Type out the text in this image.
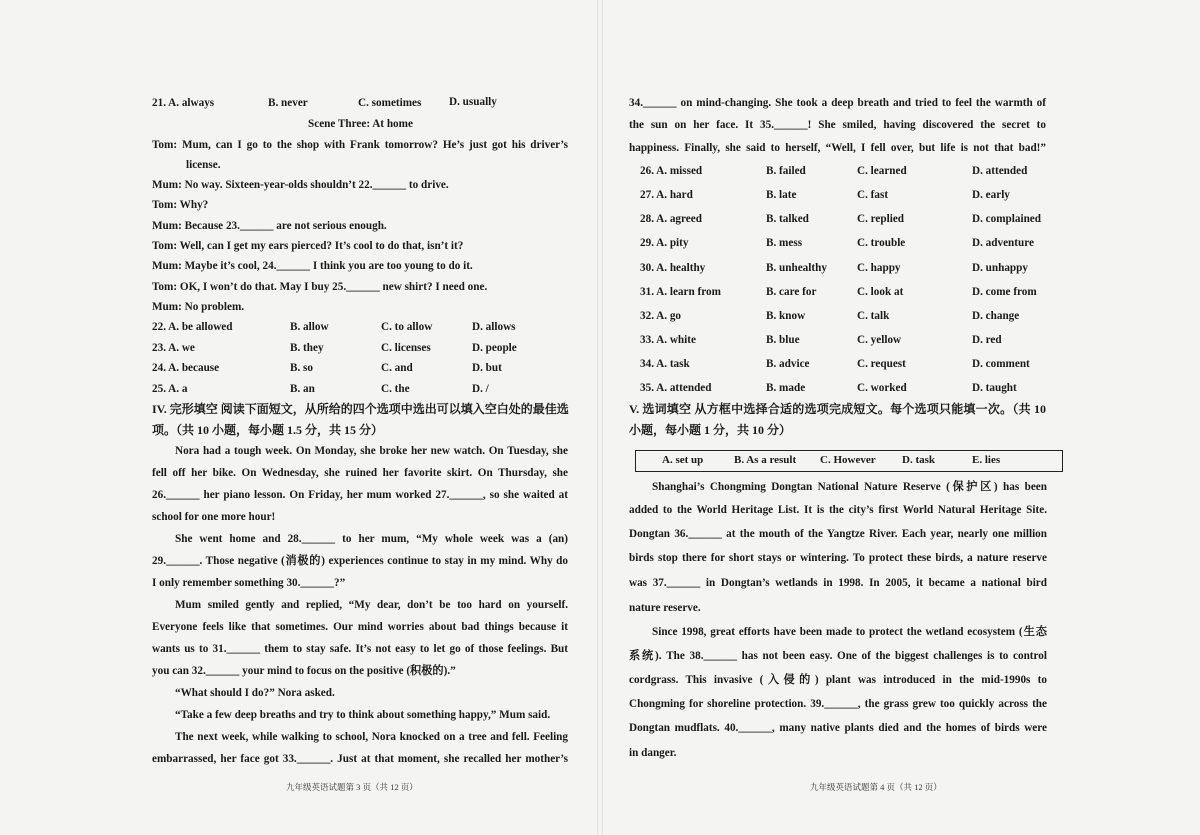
21. A. always	B. never	C. sometimes D. usually
Scene Three: At home
Tom: Mum, can I go to the shop with Frank tomorrow? He’s just got his driver’s
license.
Mum: No way. Sixteen-year-olds shouldn’t 22.______ to drive.
Tom: Why?
Mum: Because 23.______ are not serious enough.
Tom: Well, can I get my ears pierced? It’s cool to do that, isn’t it?
Mum: Maybe it’s cool, 24.______ I think you are too young to do it.
Tom: OK, I won’t do that. May I buy 25.______ new shirt? I need one.
Mum: No problem.
22. A. be allowed	B. allow	C. to allow	D. allows
23. A. we	B. they	C. licenses	D. people
24. A. because	B. so	C. and	D. but
25. A. a	B. an	C. the	D. /
IV. 完形填空 阅读下面短文，从所给的四个选项中选出可以填入空白处的最佳选
项。（共 10 小题，每小题 1.5 分，共 15 分）
Nora had a tough week. On Monday, she broke her new watch. On Tuesday, she
fell off her bike. On Wednesday, she ruined her favorite skirt. On Thursday, she
26.______ her piano lesson. On Friday, her mum worked 27.______, so she waited at
school for one more hour!
She went home and 28.______ to her mum, “My whole week was a (an)
29.______. Those negative (消极的) experiences continue to stay in my mind. Why do
I only remember something 30.______?”
Mum smiled gently and replied, “My dear, don’t be too hard on yourself.
Everyone feels like that sometimes. Our mind worries about bad things because it
wants us to 31.______ them to stay safe. It’s not easy to let go of those feelings. But
you can 32.______ your mind to focus on the positive (积极的).”
“What should I do?” Nora asked.
“Take a few deep breaths and try to think about something happy,” Mum said.
The next week, while walking to school, Nora knocked on a tree and fell. Feeling
embarrassed, her face got 33.______. Just at that moment, she recalled her mother’s
九年级英语试题第 3 页（共 12 页）
34.______ on mind-changing. She took a deep breath and tried to feel the warmth of
the sun on her face. It 35.______! She smiled, having discovered the secret to
happiness. Finally, she said to herself, “Well, I fell over, but life is not that bad!”
26. A. missed	B. failed	C. learned	D. attended
27. A. hard	B. late	C. fast	D. early
28. A. agreed	B. talked	C. replied	D. complained
29. A. pity	B. mess	C. trouble	D. adventure
30. A. healthy	B. unhealthy	C. happy	D. unhappy
31. A. learn from	B. care for	C. look at	D. come from
32. A. go	B. know	C. talk	D. change
33. A. white	B. blue	C. yellow	D. red
34. A. task	B. advice	C. request	D. comment
35. A. attended	B. made	C. worked	D. taught
V. 选词填空 从方框中选择合适的选项完成短文。每个选项只能填一次。（共 10
小题，每小题 1 分，共 10 分）
Shanghai’s Chongming Dongtan National Nature Reserve (保护区) has been
added to the World Heritage List. It is the city’s first World Natural Heritage Site.
Dongtan 36.______ at the mouth of the Yangtze River. Each year, nearly one million
birds stop there for short stays or wintering. To protect these birds, a nature reserve
was 37.______ in Dongtan’s wetlands in 1998. In 2005, it became a national bird
nature reserve.
Since 1998, great efforts have been made to protect the wetland ecosystem (生态
系统). The 38.______ has not been easy. One of the biggest challenges is to control
cordgrass. This invasive (入侵的) plant was introduced in the mid-1990s to
Chongming for shoreline protection. 39.______, the grass grew too quickly across the
Dongtan mudflats. 40.______, many native plants died and the homes of birds were
in danger.
九年级英语试题第 4 页（共 12 页）
A. set up	B. As a result C. However D. task	E. lies
